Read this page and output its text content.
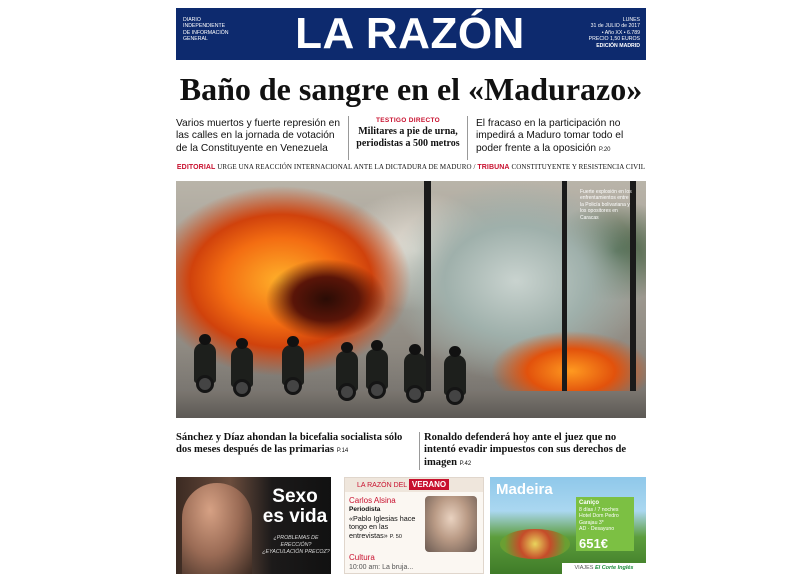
DIARIO
INDEPENDIENTE
DE INFORMACIÓN
GENERAL	LA RAZÓN	LUNES
31 de JULIO de 2017
• Año XX • 6.789
PRECIO 1,50 EUROS
EDICIÓN MADRID
Baño de sangre en el «Madurazo»
Varios muertos y fuerte represión en las calles en la jornada de votación de la Constituyente en Venezuela
TESTIGO DIRECTO
Militares a pie de urna, periodistas a 500 metros
El fracaso en la participación no impedirá a Maduro tomar todo el poder frente a la oposición P.20
EDITORIAL URGE UNA REACCIÓN INTERNACIONAL ANTE LA DICTADURA DE MADURO / TRIBUNA CONSTITUYENTE Y RESISTENCIA CIVIL
Fuerte explosión en los enfrentamientos entre la Policía bolivariana y los opositores en Caracas
Sánchez y Díaz ahondan la bicefalia socialista sólo dos meses después de las primarias P.14
Ronaldo defenderá hoy ante el juez que no intentó evadir impuestos con sus derechos de imagen P.42
Sexo
es vida
¿PROBLEMAS DE ERECCIÓN?
¿EYACULACIÓN PRECOZ?
LA RAZÓN DEL VERANO
Carlos Alsina
Periodista
«Pablo Iglesias hace tongo en las entrevistas» P. 50
Cultura
10:00 am: La bruja...
Madeira
Caniço
8 días / 7 noches
Hotel Dom Pedro Garajau 3*
AD · Desayuno
651€
VIAJES El Corte Inglés
